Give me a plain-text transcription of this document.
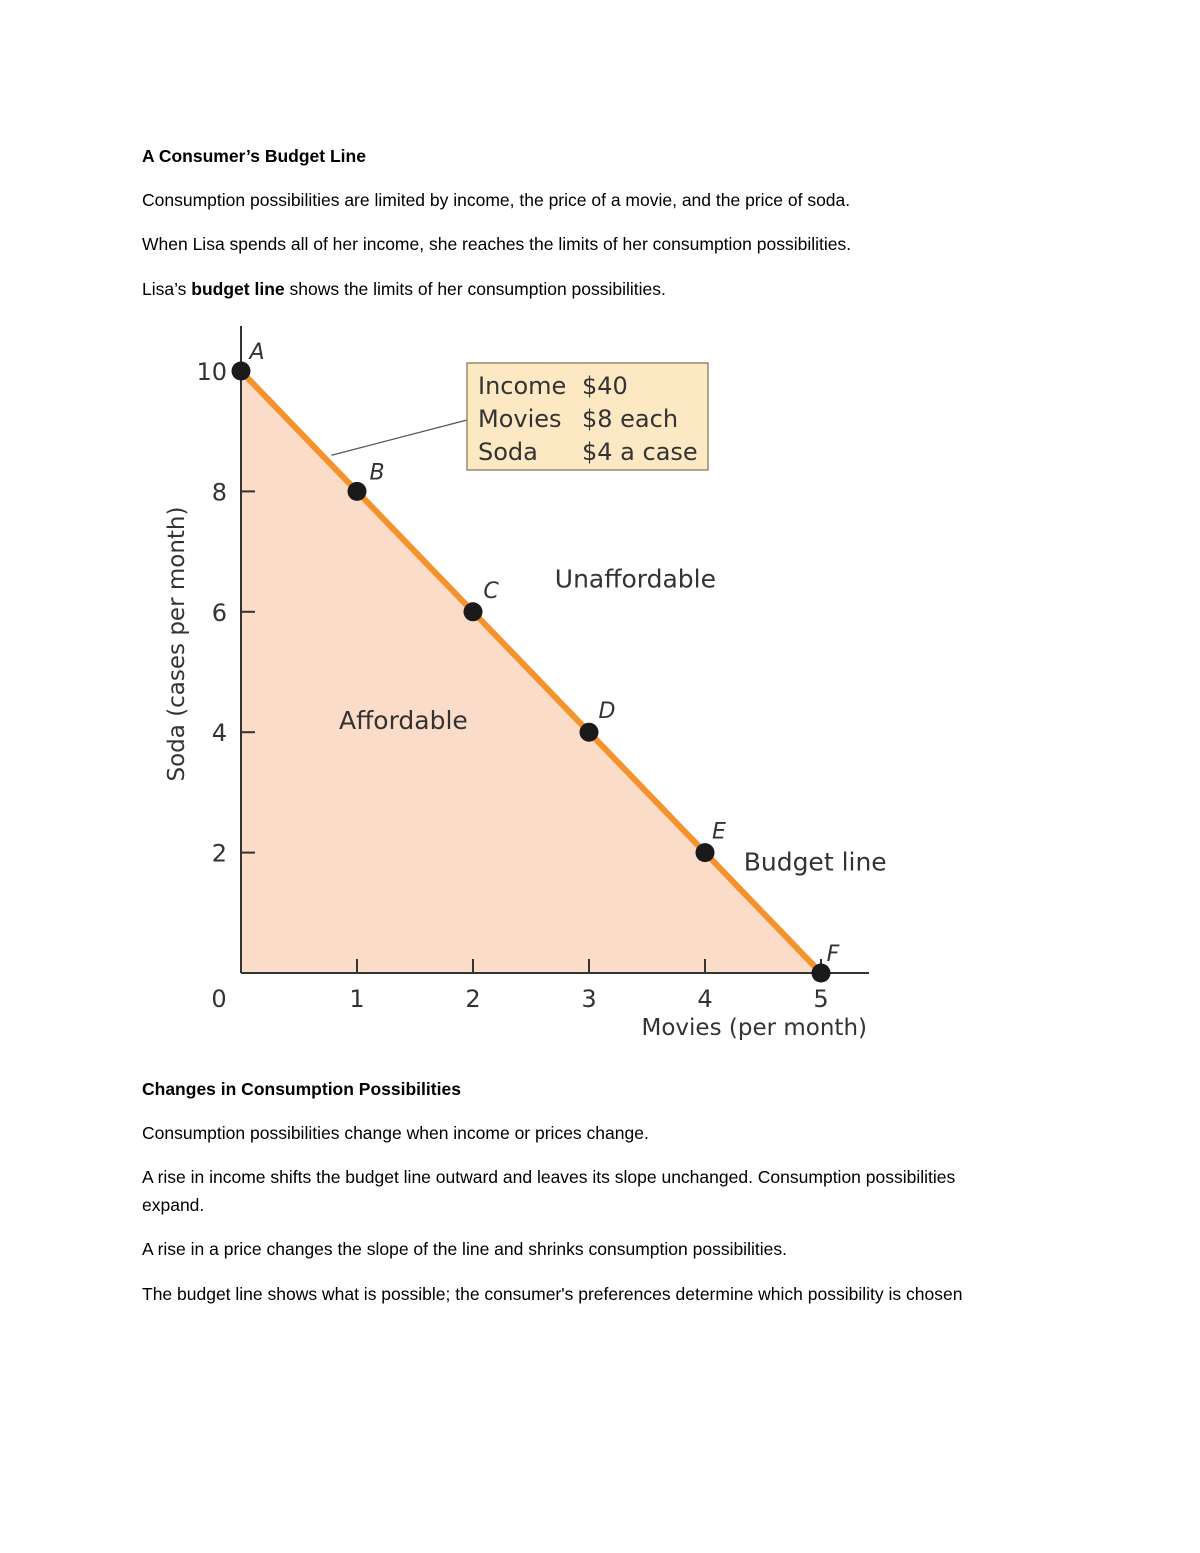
A Consumer’s Budget Line

Consumption possibilities are limited by income, the price of a movie, and the price of soda.

When Lisa spends all of her income, she reaches the limits of her consumption possibilities.

Lisa’s budget line shows the limits of her consumption possibilities.

0	1	2	3	4	5
2
4
6
8
10
A
B
C
D
E
F
Soda (cases per month)
Movies (per month)
Affordable
Unaffordable
Budget line
Income $40
Movies $8 each
Soda $4 a case

Changes in Consumption Possibilities

Consumption possibilities change when income or prices change.

A rise in income shifts the budget line outward and leaves its slope unchanged. Consumption possibilities expand.

A rise in a price changes the slope of the line and shrinks consumption possibilities.

The budget line shows what is possible; the consumer's preferences determine which possibility is chosen
